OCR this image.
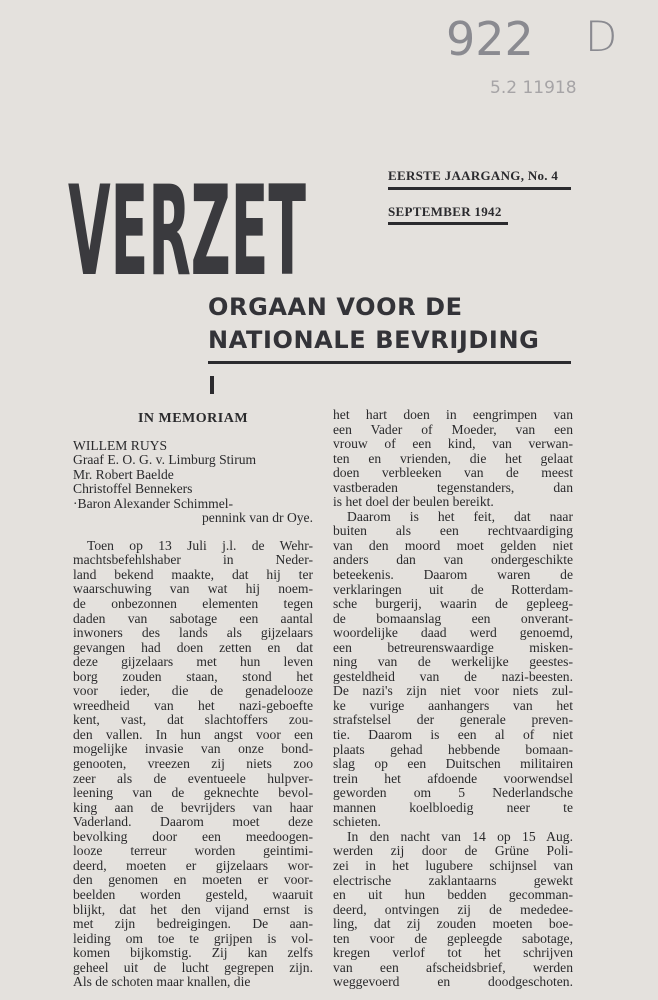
922 D
5.2 11918
VERZET	EERSTE JAARGANG, No. 4
SEPTEMBER 1942
ORGAAN VOOR DE
NATIONALE BEVRIJDING
IN MEMORIAM
WILLEM RUYS
Graaf E. O. G. v. Limburg Stirum
Mr. Robert Baelde
Christoffel Bennekers
·Baron Alexander Schimmel-
pennink van dr Oye.
Toen op 13 Juli j.l. de Wehr-
machtsbefehlshaber in Neder-
land bekend maakte, dat hij ter
waarschuwing van wat hij noem-
de onbezonnen elementen tegen
daden van sabotage een aantal
inwoners des lands als gijzelaars
gevangen had doen zetten en dat
deze gijzelaars met hun leven
borg zouden staan, stond het
voor ieder, die de genadelooze
wreedheid van het nazi-geboefte
kent, vast, dat slachtoffers zou-
den vallen. In hun angst voor een
mogelijke invasie van onze bond-
genooten, vreezen zij niets zoo
zeer als de eventueele hulpver-
leening van de geknechte bevol-
king aan de bevrijders van haar
Vaderland. Daarom moet deze
bevolking door een meedoogen-
looze terreur worden geintimi-
deerd, moeten er gijzelaars wor-
den genomen en moeten er voor-
beelden worden gesteld, waaruit
blijkt, dat het den vijand ernst is
met zijn bedreigingen. De aan-
leiding om toe te grijpen is vol-
komen bijkomstig. Zij kan zelfs
geheel uit de lucht gegrepen zijn.
Als de schoten maar knallen, die
het hart doen in eengrimpen van
een Vader of Moeder, van een
vrouw of een kind, van verwan-
ten en vrienden, die het gelaat
doen verbleeken van de meest
vastberaden tegenstanders, dan
is het doel der beulen bereikt.
Daarom is het feit, dat naar
buiten als een rechtvaardiging
van den moord moet gelden niet
anders dan van ondergeschikte
beteekenis. Daarom waren de
verklaringen uit de Rotterdam-
sche burgerij, waarin de gepleeg-
de bomaanslag een onverant-
woordelijke daad werd genoemd,
een betreurenswaardige misken-
ning van de werkelijke geestes-
gesteldheid van de nazi-beesten.
De nazi's zijn niet voor niets zul-
ke vurige aanhangers van het
strafstelsel der generale preven-
tie. Daarom is een al of niet
plaats gehad hebbende bomaan-
slag op een Duitschen militairen
trein het afdoende voorwendsel
geworden om 5 Nederlandsche
mannen koelbloedig neer te
schieten.
In den nacht van 14 op 15 Aug.
werden zij door de Grüne Poli-
zei in het lugubere schijnsel van
electrische zaklantaarns gewekt
en uit hun bedden gecomman-
deerd, ontvingen zij de mededee-
ling, dat zij zouden moeten boe-
ten voor de gepleegde sabotage,
kregen verlof tot het schrijven
van een afscheidsbrief, werden
weggevoerd en doodgeschoten.
